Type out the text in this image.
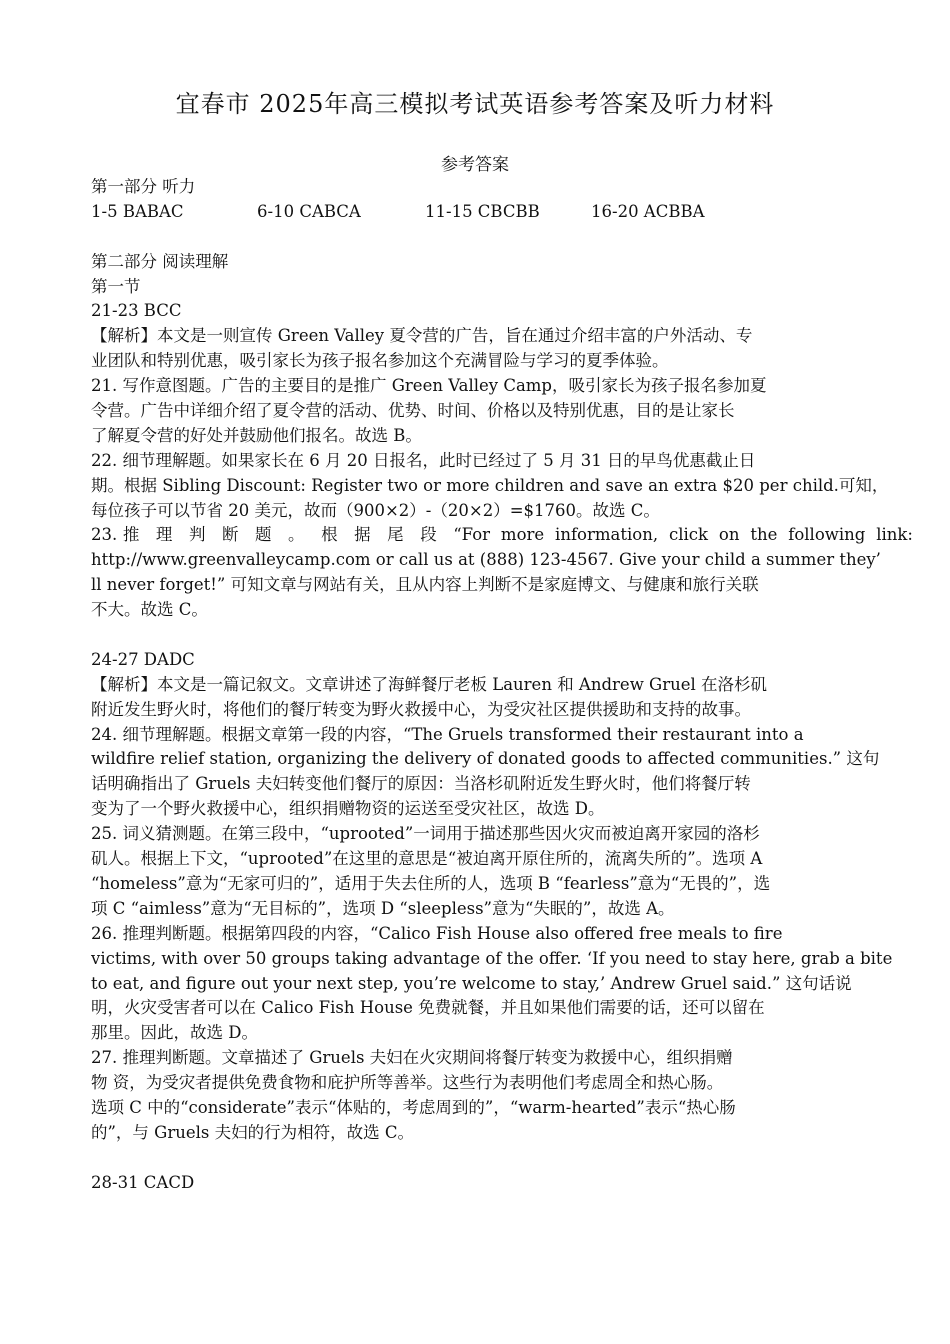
宜春市 2025年高三模拟考试英语参考答案及听力材料
参考答案
第一部分 听力
1-5 BABAC	6-10 CABCA	11-15 CBCBB	16-20 ACBBA
第二部分 阅读理解
第一节
21-23 BCC
【解析】本文是一则宣传 Green Valley 夏令营的广告，旨在通过介绍丰富的户外活动、专
业团队和特别优惠，吸引家长为孩子报名参加这个充满冒险与学习的夏季体验。
21. 写作意图题。广告的主要目的是推广 Green Valley Camp，吸引家长为孩子报名参加夏
令营。广告中详细介绍了夏令营的活动、优势、时间、价格以及特别优惠，目的是让家长
了解夏令营的好处并鼓励他们报名。故选 B。
22. 细节理解题。如果家长在 6 月 20 日报名，此时已经过了 5 月 31 日的早鸟优惠截止日
期。根据 Sibling Discount: Register two or more children and save an extra $20 per child.可知，
每位孩子可以节省 20 美元，故而（900×2）-（20×2）=$1760。故选 C。
23.推 理 判 断 题 。 根 据 尾 段 “For more information, click on the following link:
http://www.greenvalleycamp.com or call us at (888) 123-4567. Give your child a summer they’
ll never forget!” 可知文章与网站有关，且从内容上判断不是家庭博文、与健康和旅行关联
不大。故选 C。
24-27 DADC
【解析】本文是一篇记叙文。文章讲述了海鲜餐厅老板 Lauren 和 Andrew Gruel 在洛杉矶
附近发生野火时，将他们的餐厅转变为野火救援中心，为受灾社区提供援助和支持的故事。
24. 细节理解题。根据文章第一段的内容，“The Gruels transformed their restaurant into a
wildfire relief station, organizing the delivery of donated goods to affected communities.” 这句
话明确指出了 Gruels 夫妇转变他们餐厅的原因：当洛杉矶附近发生野火时，他们将餐厅转
变为了一个野火救援中心，组织捐赠物资的运送至受灾社区，故选 D。
25. 词义猜测题。在第三段中，“uprooted”一词用于描述那些因火灾而被迫离开家园的洛杉
矶人。根据上下文，“uprooted”在这里的意思是“被迫离开原住所的，流离失所的”。选项 A
“homeless”意为“无家可归的”，适用于失去住所的人，选项 B “fearless”意为“无畏的”，选
项 C “aimless”意为“无目标的”，选项 D “sleepless”意为“失眠的”，故选 A。
26. 推理判断题。根据第四段的内容，“Calico Fish House also offered free meals to fire
victims, with over 50 groups taking advantage of the offer. ‘If you need to stay here, grab a bite
to eat, and figure out your next step, you’re welcome to stay,’ Andrew Gruel said.” 这句话说
明，火灾受害者可以在 Calico Fish House 免费就餐，并且如果他们需要的话，还可以留在
那里。因此，故选 D。
27. 推理判断题。文章描述了 Gruels 夫妇在火灾期间将餐厅转变为救援中心，组织捐赠
物 资，为受灾者提供免费食物和庇护所等善举。这些行为表明他们考虑周全和热心肠。
选项 C 中的“considerate”表示“体贴的，考虑周到的”，“warm-hearted”表示“热心肠
的”，与 Gruels 夫妇的行为相符，故选 C。
28-31 CACD
